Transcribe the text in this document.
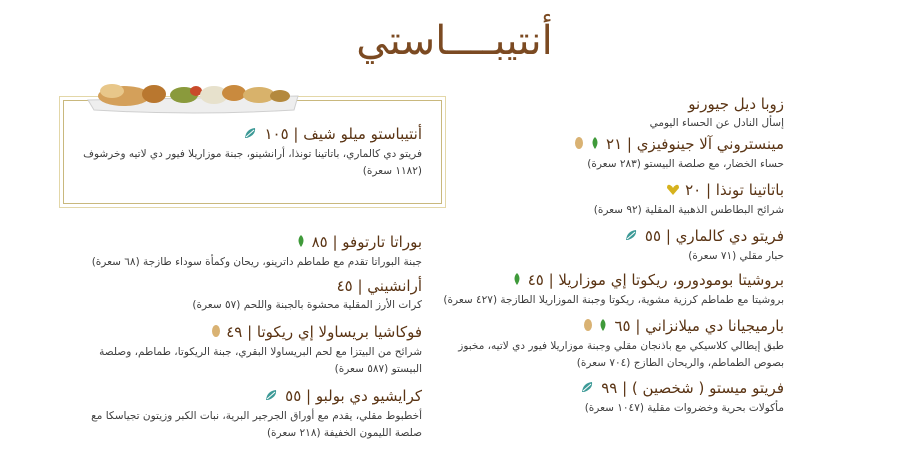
أنتيبــــاستي
زوبا ديل جيورنو
إسأل النادل عن الحساء اليومي
مينستروني آلا جينوفيزي | ٢١
حساء الخضار، مع صلصة البيستو (٢٨٣ سعرة)
باتاتينا تونذا | ٢٠
شرائح البطاطس الذهبية المقلية (٩٢ سعرة)
فريتو دي كالماري | ٥٥
حبار مقلي (٧١ سعرة)
بروشيتا بومودورو، ريكوتا إي موزاريلا | ٤٥
بروشيتا مع طماطم كرزية مشوية، ريكوتا وجبنة الموزاريلا الطازجة (٤٢٧ سعرة)
بارميجيانا دي ميلانزاني | ٦٥
طبق إيطالي كلاسيكي مع باذنجان مقلي وجبنة موزاريلا فيور دي لاتيه، مخبوز
بصوص الطماطم، والريحان الطازج (٧٠٤ سعرة)
فريتو ميستو ( شخصين ) | ٩٩
مأكولات بحرية وخضروات مقلية (١٠٤٧ سعرة)
أنتيباستو ميلو شيف | ١٠٥
فريتو دي كالماري، باتاتينا تونذا، أرانشينو، جبنة موزاريلا فيور دي لاتيه وخرشوف
(١١٨٢ سعرة)
بوراتا تارتوفو | ٨٥
جبنة البوراتا تقدم مع طماطم داترينو، ريحان وكمأة سوداء طازجة (٦٨ سعرة)
أرانشيني | ٤٥
كرات الأرز المقلية محشوة بالجبنة واللحم (٥٧ سعرة)
فوكاشيا بريساولا إي ريكوتا | ٤٩
شرائح من البيتزا مع لحم البريساولا البقري، جبنة الريكوتا، طماطم، وصلصة
البيستو (٥٨٧ سعرة)
كرايشيو دي بولبو | ٥٥
أخطبوط مقلي، يقدم مع أوراق الجرجير البرية، نبات الكبر وزيتون تجياسكا مع
صلصة الليمون الخفيفة (٢١٨ سعرة)
